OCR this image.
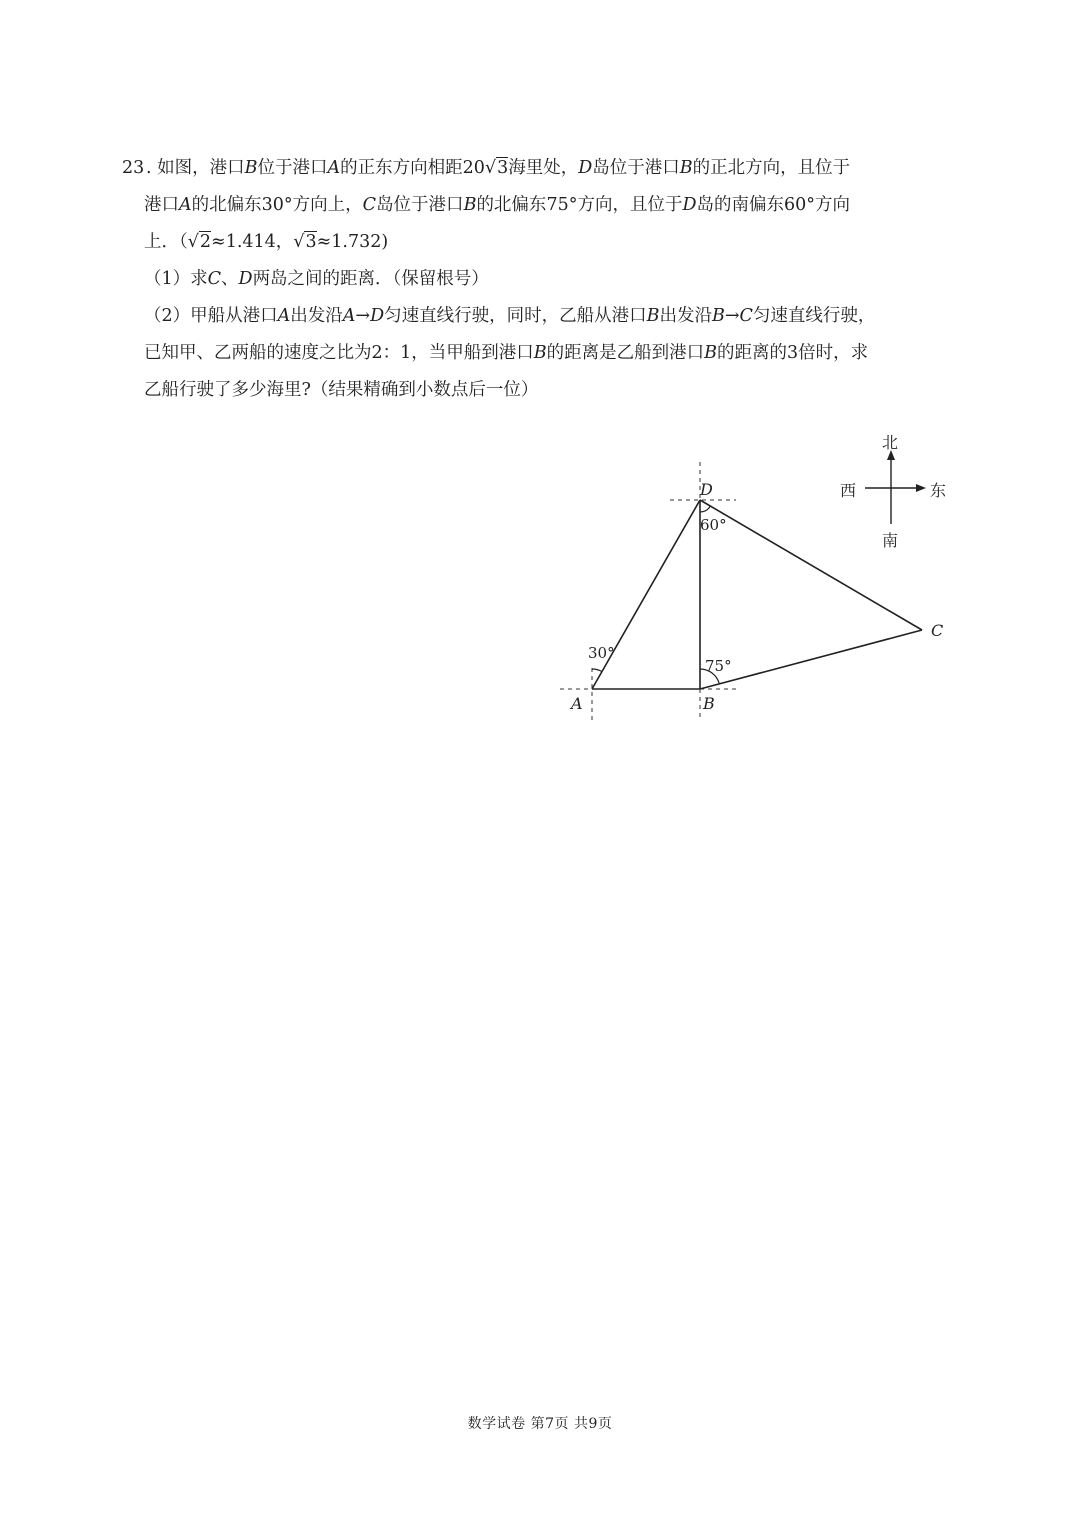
23. 如图，港口B位于港口A的正东方向相距20√3海里处，D岛位于港口B的正北方向，且位于
港口A的北偏东30°方向上，C岛位于港口B的北偏东75°方向，且位于D岛的南偏东60°方向
上．（√2≈1.414，√3≈1.732)
（1）求C、D两岛之间的距离．（保留根号）
（2）甲船从港口A出发沿A→D匀速直线行驶，同时，乙船从港口B出发沿B→C匀速直线行驶，
已知甲、乙两船的速度之比为2：1，当甲船到港口B的距离是乙船到港口B的距离的3倍时，求
乙船行驶了多少海里?（结果精确到小数点后一位）
D
A	B
C
30°
75°
60°
北
西	东
南
数学试卷 第7页 共9页
